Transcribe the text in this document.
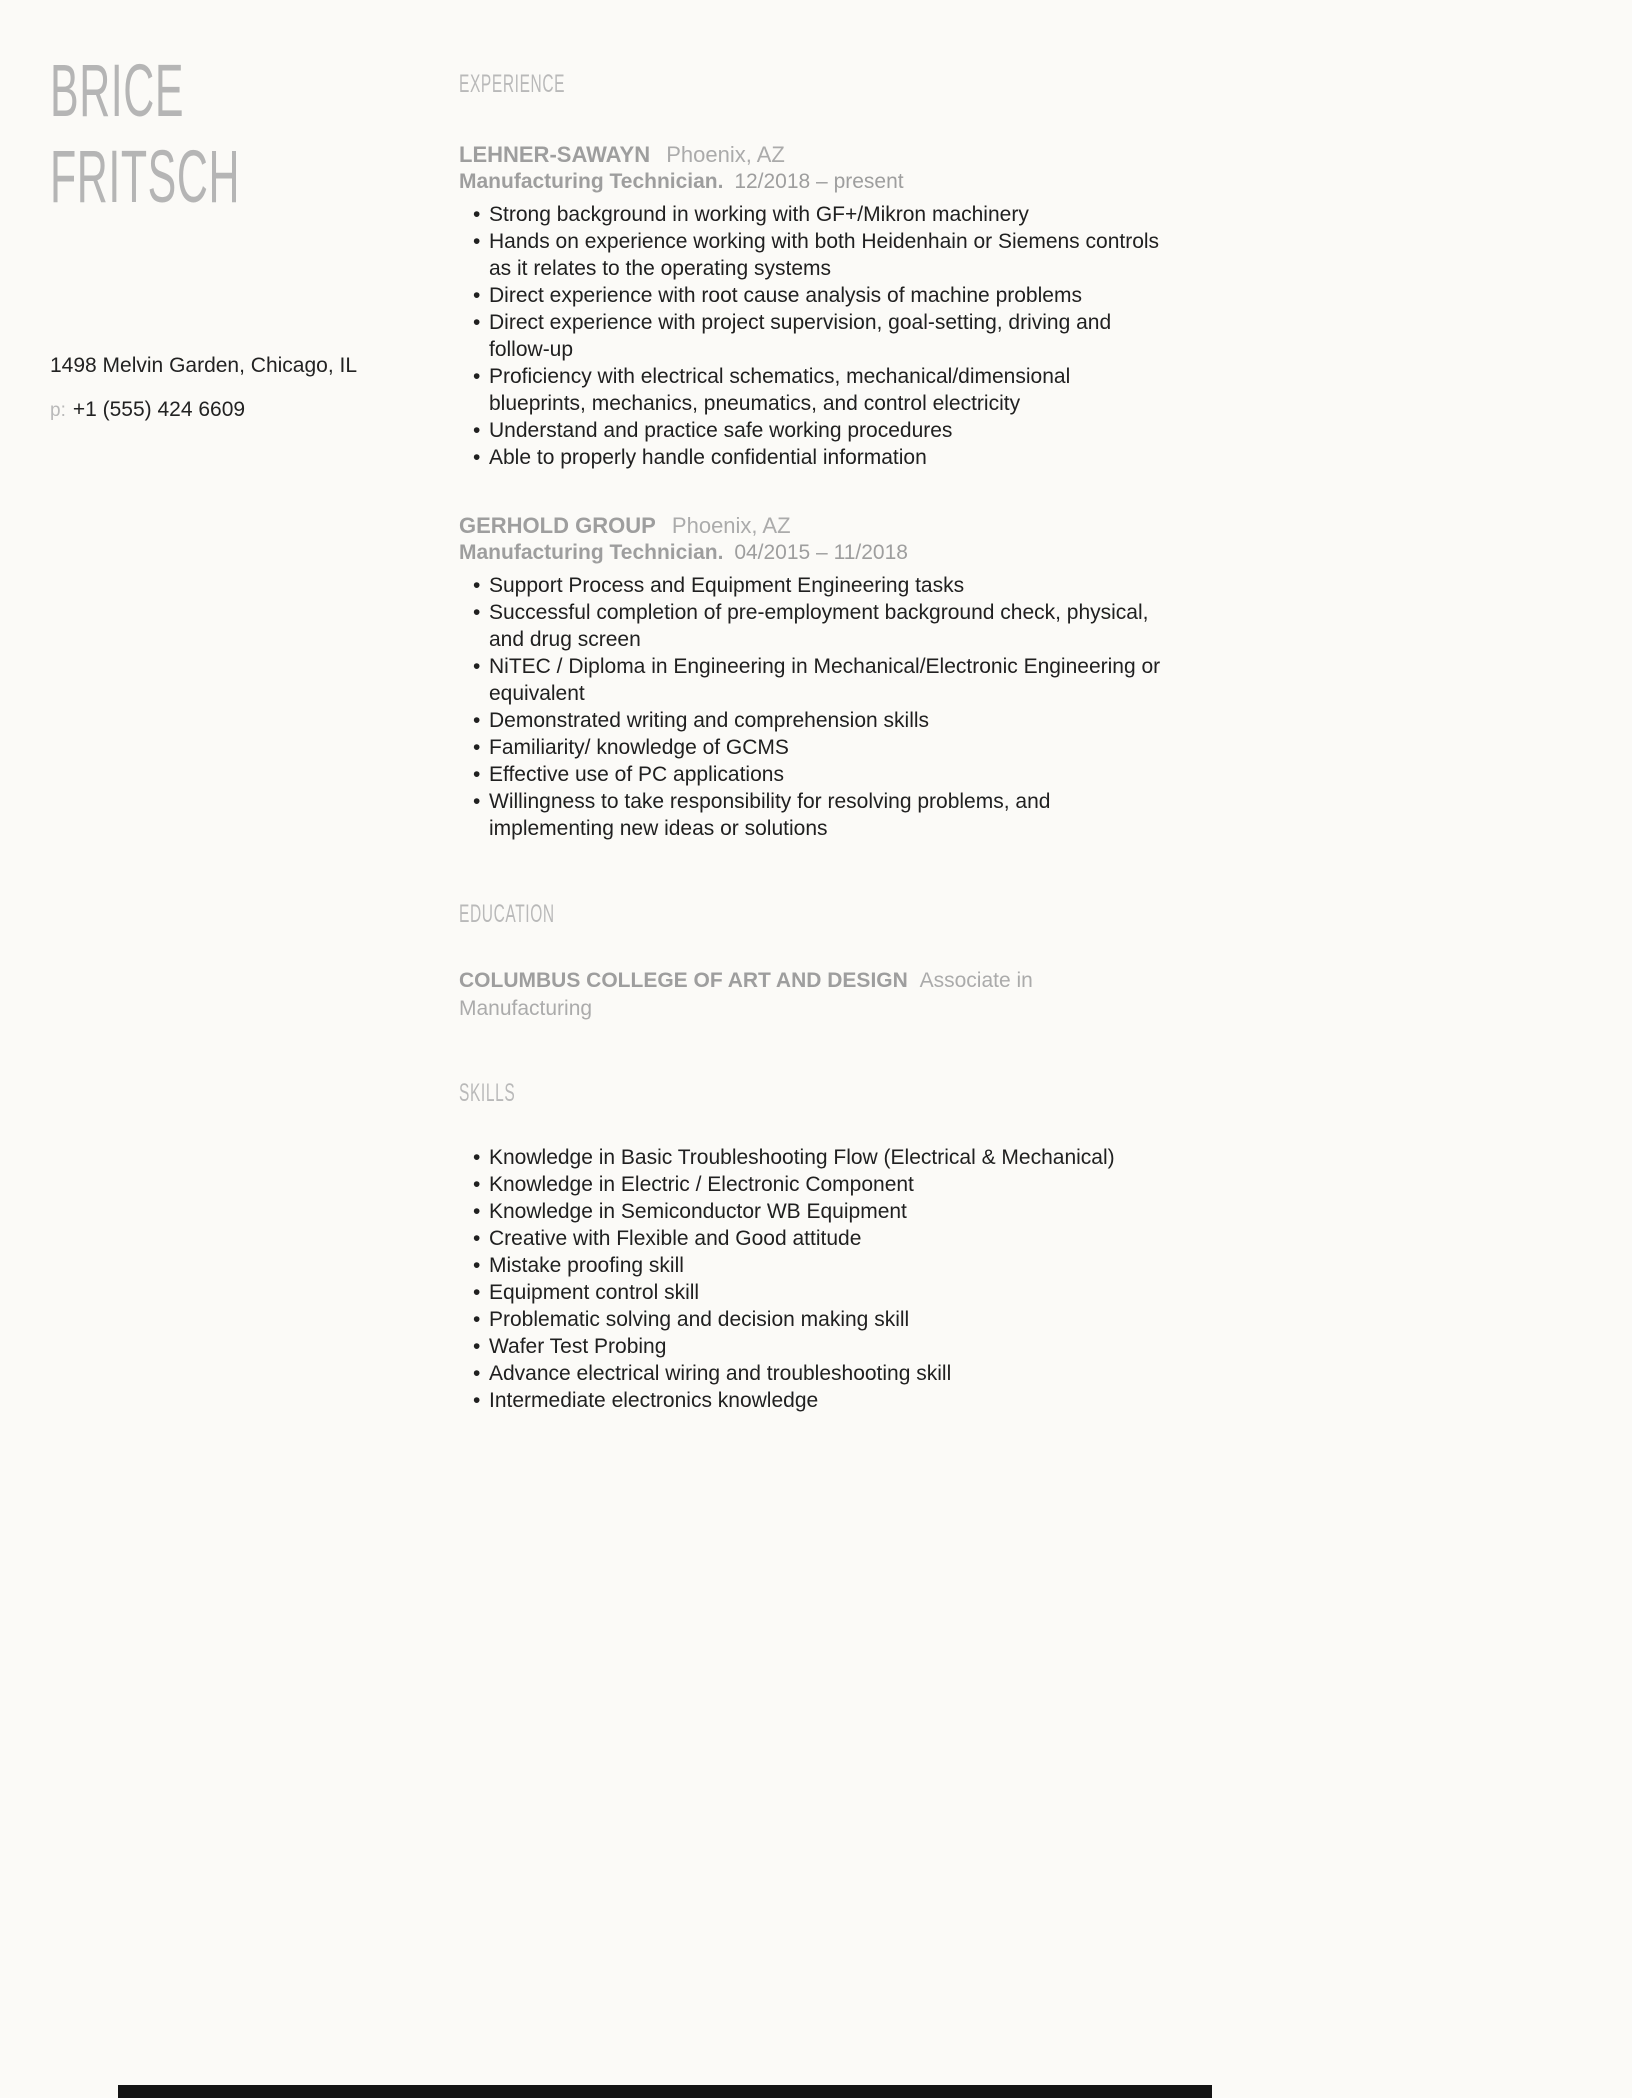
BRICE
FRITSCH
1498 Melvin Garden, Chicago, IL
p: +1 (555) 424 6609
EXPERIENCE
LEHNER-SAWAYN Phoenix, AZ
Manufacturing Technician. 12/2018 – present
• Strong background in working with GF+/Mikron machinery
• Hands on experience working with both Heidenhain or Siemens controls as it relates to the operating systems
• Direct experience with root cause analysis of machine problems
• Direct experience with project supervision, goal-setting, driving and follow-up
• Proficiency with electrical schematics, mechanical/dimensional blueprints, mechanics, pneumatics, and control electricity
• Understand and practice safe working procedures
• Able to properly handle confidential information
GERHOLD GROUP Phoenix, AZ
Manufacturing Technician. 04/2015 – 11/2018
• Support Process and Equipment Engineering tasks
• Successful completion of pre-employment background check, physical, and drug screen
• NiTEC / Diploma in Engineering in Mechanical/Electronic Engineering or equivalent
• Demonstrated writing and comprehension skills
• Familiarity/ knowledge of GCMS
• Effective use of PC applications
• Willingness to take responsibility for resolving problems, and implementing new ideas or solutions
EDUCATION
COLUMBUS COLLEGE OF ART AND DESIGN Associate in Manufacturing
SKILLS
• Knowledge in Basic Troubleshooting Flow (Electrical & Mechanical)
• Knowledge in Electric / Electronic Component
• Knowledge in Semiconductor WB Equipment
• Creative with Flexible and Good attitude
• Mistake proofing skill
• Equipment control skill
• Problematic solving and decision making skill
• Wafer Test Probing
• Advance electrical wiring and troubleshooting skill
• Intermediate electronics knowledge
